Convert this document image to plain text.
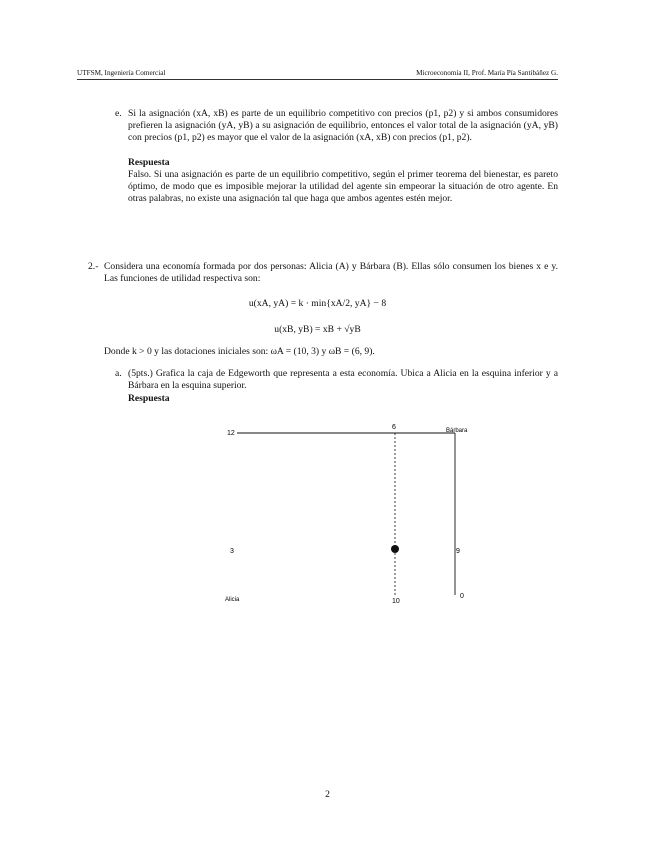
UTFSM, Ingeniería Comercial	Microeconomía II, Prof. María Pía Santibáñez G.
e. Si la asignación (xA, xB) es parte de un equilibrio competitivo con precios (p1, p2) y si ambos consumidores prefieren la asignación (yA, yB) a su asignación de equilibrio, entonces el valor total de la asignación (yA, yB) con precios (p1, p2) es mayor que el valor de la asignación (xA, xB) con precios (p1, p2).
Respuesta
Falso. Si una asignación es parte de un equilibrio competitivo, según el primer teorema del bienestar, es pareto óptimo, de modo que es imposible mejorar la utilidad del agente sin empeorar la situación de otro agente. En otras palabras, no existe una asignación tal que haga que ambos agentes estén mejor.
2.- Considera una economía formada por dos personas: Alicia (A) y Bárbara (B). Ellas sólo consumen los bienes x e y. Las funciones de utilidad respectiva son:
u(xA, yA) = k · min{xA/2, yA} − 8
u(xB, yB) = xB + √yB
Donde k > 0 y las dotaciones iniciales son: ωA = (10, 3) y ωB = (6, 9).
a. (5pts.) Grafica la caja de Edgeworth que representa a esta economía. Ubica a Alicia en la esquina inferior y a Bárbara en la esquina superior.
Respuesta
12
6	Bárbara
3	9
Alicia	10
0
2
